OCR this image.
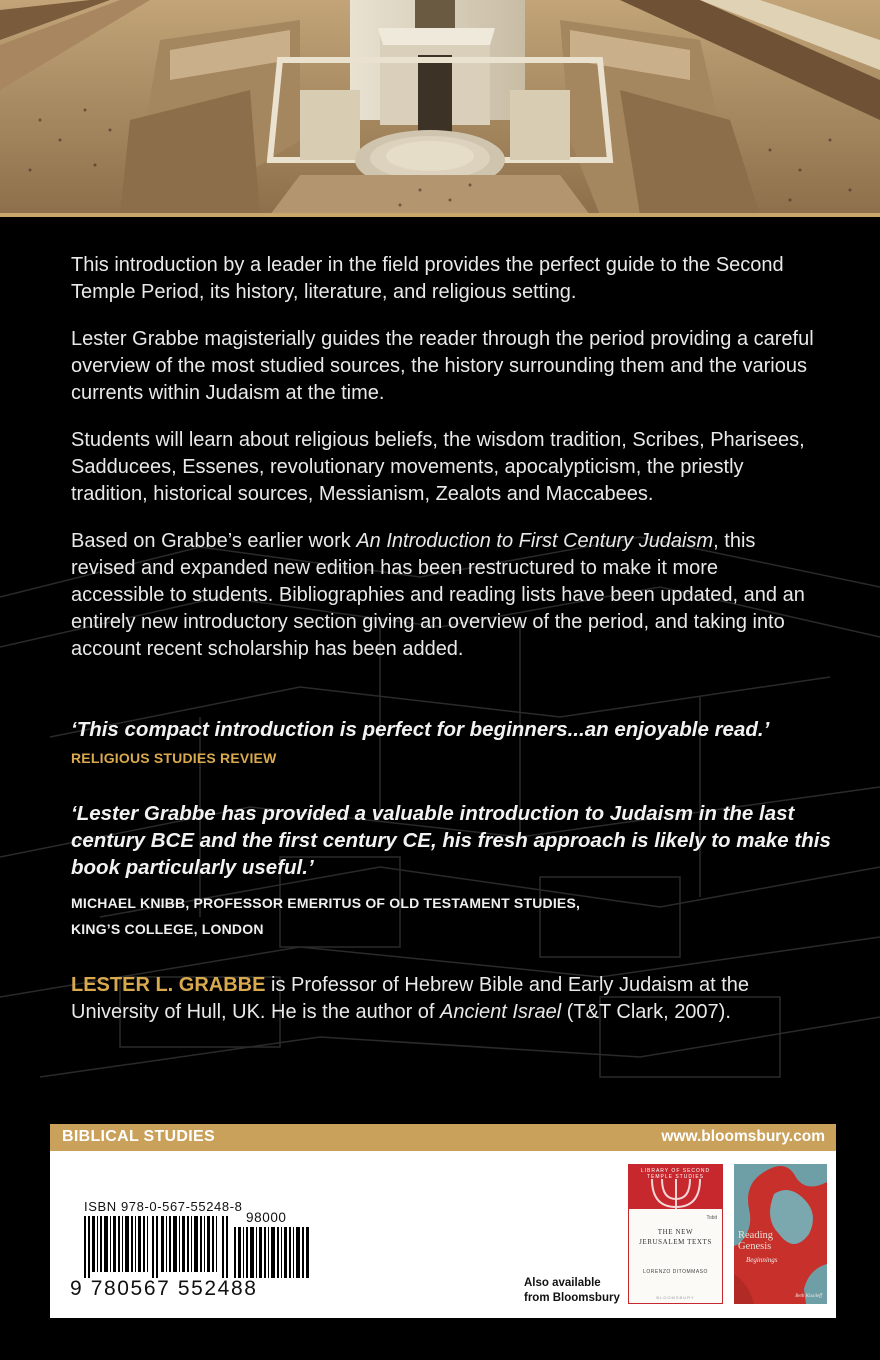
This introduction by a leader in the field provides the perfect guide to the Second Temple Period, its history, literature, and religious setting.

Lester Grabbe magisterially guides the reader through the period providing a careful overview of the most studied sources, the history surrounding them and the various currents within Judaism at the time.

Students will learn about religious beliefs, the wisdom tradition, Scribes, Pharisees, Sadducees, Essenes, revolutionary movements, apocalypticism, the priestly tradition, historical sources, Messianism, Zealots and Maccabees.

Based on Grabbe’s earlier work An Introduction to First Century Judaism, this revised and expanded new edition has been restructured to make it more accessible to students. Bibliographies and reading lists have been updated, and an entirely new introductory section giving an overview of the period, and taking into account recent scholarship has been added.

‘This compact introduction is perfect for beginners...an enjoyable read.’
RELIGIOUS STUDIES REVIEW
‘Lester Grabbe has provided a valuable introduction to Judaism in the last century BCE and the first century CE, his fresh approach is likely to make this book particularly useful.’
MICHAEL KNIBB, PROFESSOR EMERITUS OF OLD TESTAMENT STUDIES,
KING’S COLLEGE, LONDON
LESTER L. GRABBE is Professor of Hebrew Bible and Early Judaism at the University of Hull, UK. He is the author of Ancient Israel (T&T Clark, 2007).
BIBLICAL STUDIES	www.bloomsbury.com
ISBN 978-0-567-55248-8
98000
9 780567 552488	Also available
from Bloomsbury
LIBRARY OF SECOND TEMPLE STUDIES
Tobit
THE NEW
JERUSALEM TEXTS
LORENZO DITOMMASO
BLOOMSBURY
Reading
Genesis
Beginnings
Beth Kissileff
